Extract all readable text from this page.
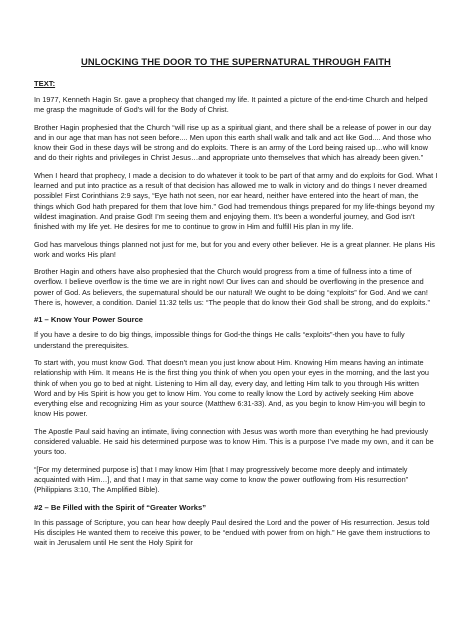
UNLOCKING THE DOOR TO THE SUPERNATURAL THROUGH FAITH
TEXT:
In 1977, Kenneth Hagin Sr. gave a prophecy that changed my life. It painted a picture of the end-time Church and helped me grasp the magnitude of God’s will for the Body of Christ.
Brother Hagin prophesied that the Church “will rise up as a spiritual giant, and there shall be a release of power in our day and in our age that man has not seen before.... Men upon this earth shall walk and talk and act like God.... And those who know their God in these days will be strong and do exploits. There is an army of the Lord being raised up…who will know and do their rights and privileges in Christ Jesus…and appropriate unto themselves that which has already been given.”
When I heard that prophecy, I made a decision to do whatever it took to be part of that army and do exploits for God. What I learned and put into practice as a result of that decision has allowed me to walk in victory and do things I never dreamed possible! First Corinthians 2:9 says, “Eye hath not seen, nor ear heard, neither have entered into the heart of man, the things which God hath prepared for them that love him.” God had tremendous things prepared for my life-things beyond my wildest imagination. And praise God! I’m seeing them and enjoying them. It’s been a wonderful journey, and God isn’t finished with my life yet. He desires for me to continue to grow in Him and fulfill His plan in my life.
God has marvelous things planned not just for me, but for you and every other believer. He is a great planner. He plans His work and works His plan!
Brother Hagin and others have also prophesied that the Church would progress from a time of fullness into a time of overflow. I believe overflow is the time we are in right now! Our lives can and should be overflowing in the presence and power of God. As believers, the supernatural should be our natural! We ought to be doing “exploits” for God. And we can! There is, however, a condition. Daniel 11:32 tells us: “The people that do know their God shall be strong, and do exploits.”
#1 – Know Your Power Source
If you have a desire to do big things, impossible things for God-the things He calls “exploits”-then you have to fully understand the prerequisites.
To start with, you must know God. That doesn’t mean you just know about Him. Knowing Him means having an intimate relationship with Him. It means He is the first thing you think of when you open your eyes in the morning, and the last you think of when you go to bed at night. Listening to Him all day, every day, and letting Him talk to you through His written Word and by His Spirit is how you get to know Him. You come to really know the Lord by actively seeking Him above everything else and recognizing Him as your source (Matthew 6:31-33). And, as you begin to know Him-you will begin to know His power.
The Apostle Paul said having an intimate, living connection with Jesus was worth more than everything he had previously considered valuable. He said his determined purpose was to know Him. This is a purpose I’ve made my own, and it can be yours too.
“[For my determined purpose is] that I may know Him [that I may progressively become more deeply and intimately acquainted with Him…], and that I may in that same way come to know the power outflowing from His resurrection” (Philippians 3:10, The Amplified Bible).
#2 – Be Filled with the Spirit of “Greater Works”
In this passage of Scripture, you can hear how deeply Paul desired the Lord and the power of His resurrection. Jesus told His disciples He wanted them to receive this power, to be “endued with power from on high.” He gave them instructions to wait in Jerusalem until He sent the Holy Spirit for
